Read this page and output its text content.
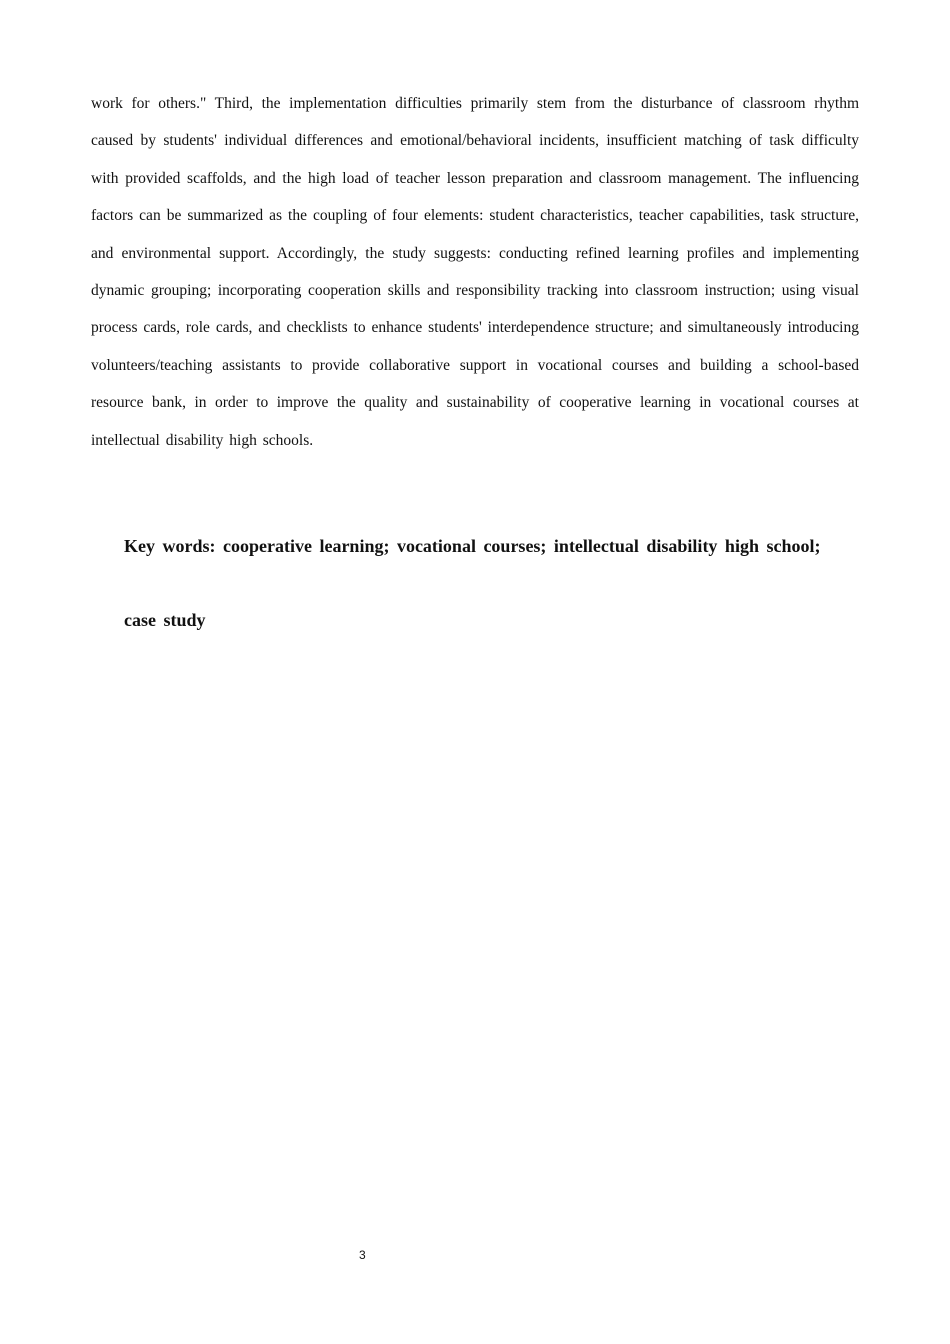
work for others." Third, the implementation difficulties primarily stem from the disturbance of classroom rhythm caused by students' individual differences and emotional/behavioral incidents, insufficient matching of task difficulty with provided scaffolds, and the high load of teacher lesson preparation and classroom management. The influencing factors can be summarized as the coupling of four elements: student characteristics, teacher capabilities, task structure, and environmental support. Accordingly, the study suggests: conducting refined learning profiles and implementing dynamic grouping; incorporating cooperation skills and responsibility tracking into classroom instruction; using visual process cards, role cards, and checklists to enhance students' interdependence structure; and simultaneously introducing volunteers/teaching assistants to provide collaborative support in vocational courses and building a school-based resource bank, in order to improve the quality and sustainability of cooperative learning in vocational courses at intellectual disability high schools.

Key words: cooperative learning; vocational courses; intellectual disability high school;

case study

3
